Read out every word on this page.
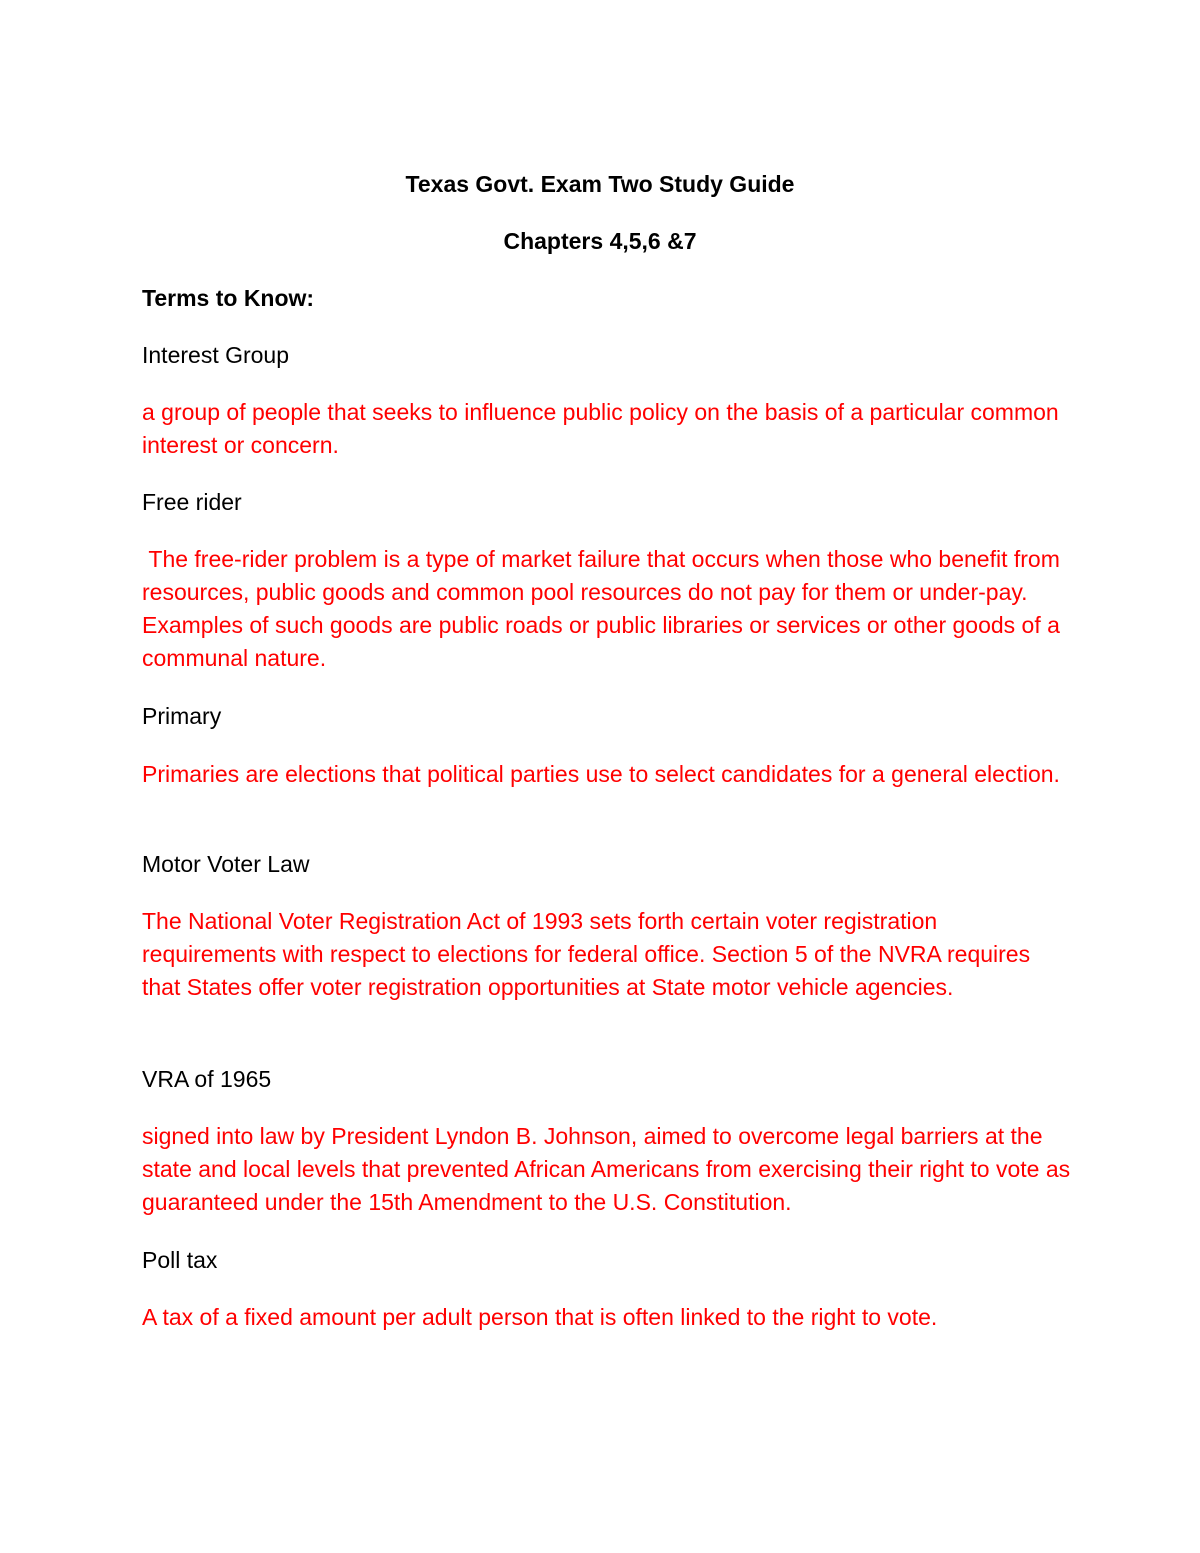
Texas Govt. Exam Two Study Guide
Chapters 4,5,6 &7
Terms to Know:
Interest Group
a group of people that seeks to influence public policy on the basis of a particular common interest or concern.
Free rider
The free-rider problem is a type of market failure that occurs when those who benefit from resources, public goods and common pool resources do not pay for them or under-pay. Examples of such goods are public roads or public libraries or services or other goods of a communal nature.
Primary
Primaries are elections that political parties use to select candidates for a general election.
Motor Voter Law
The National Voter Registration Act of 1993 sets forth certain voter registration requirements with respect to elections for federal office. Section 5 of the NVRA requires that States offer voter registration opportunities at State motor vehicle agencies.
VRA of 1965
signed into law by President Lyndon B. Johnson, aimed to overcome legal barriers at the state and local levels that prevented African Americans from exercising their right to vote as guaranteed under the 15th Amendment to the U.S. Constitution.
Poll tax
A tax of a fixed amount per adult person that is often linked to the right to vote.
